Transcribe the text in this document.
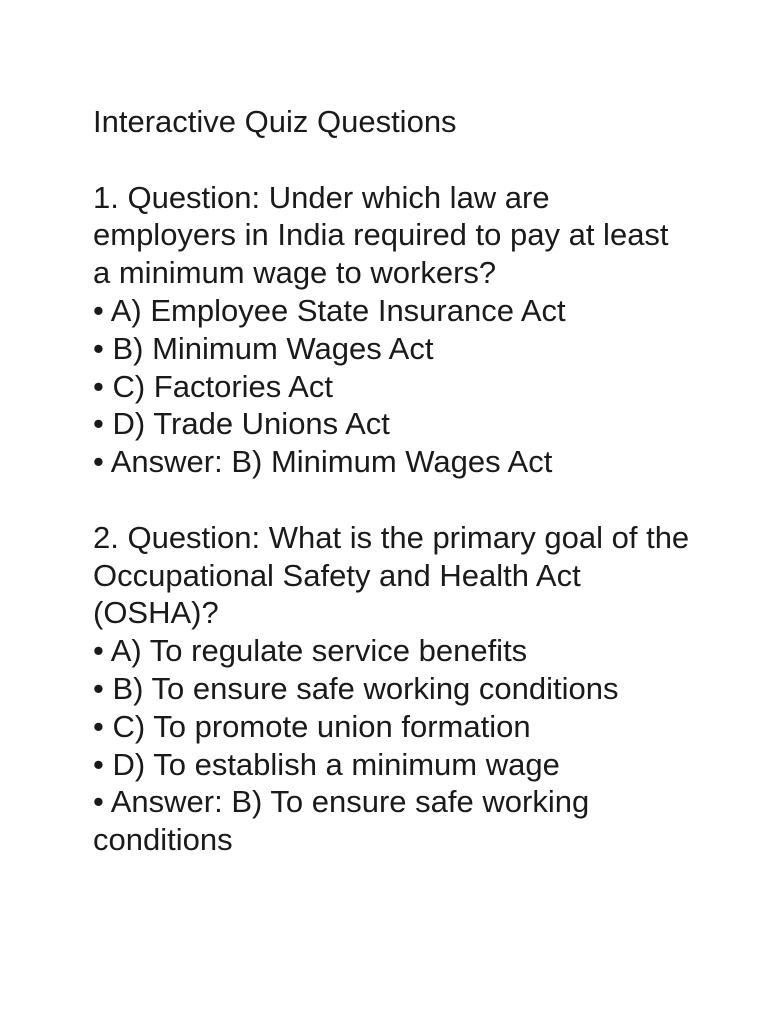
Interactive Quiz Questions
1. Question: Under which law are employers in India required to pay at least a minimum wage to workers?
• A) Employee State Insurance Act
• B) Minimum Wages Act
• C) Factories Act
• D) Trade Unions Act
• Answer: B) Minimum Wages Act
2. Question: What is the primary goal of the Occupational Safety and Health Act (OSHA)?
• A) To regulate service benefits
• B) To ensure safe working conditions
• C) To promote union formation
• D) To establish a minimum wage
• Answer: B) To ensure safe working conditions
